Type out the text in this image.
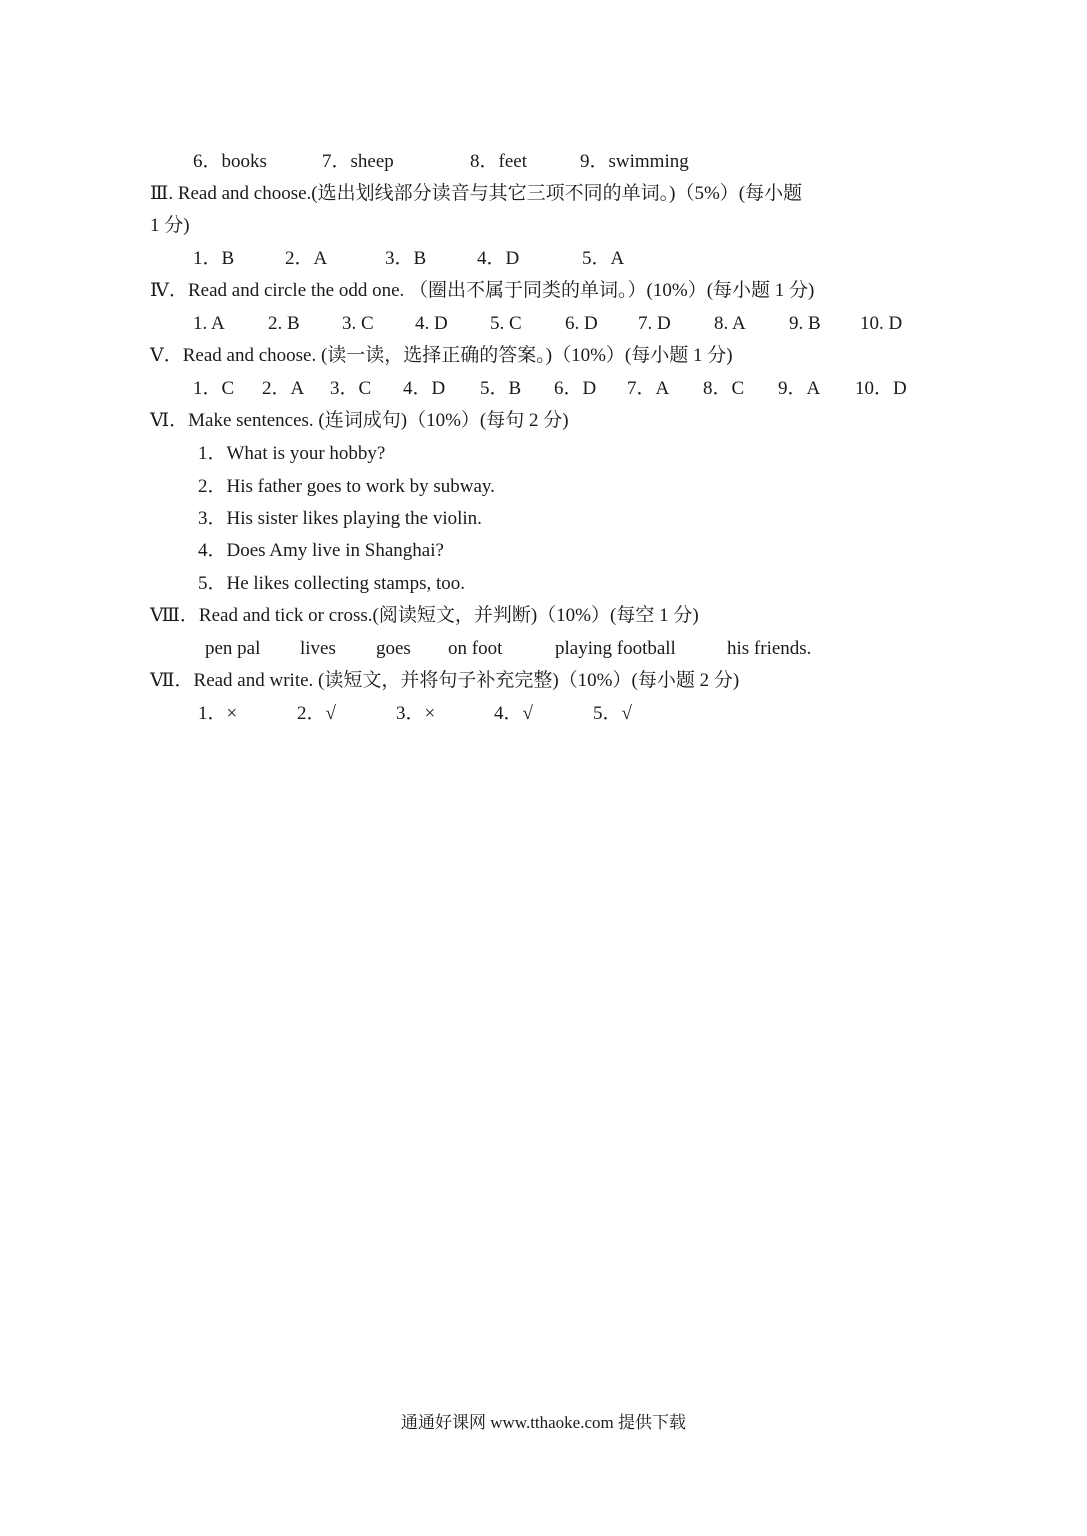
6．books	7．sheep	8．feet	9．swimming
Ⅲ. Read and choose.(选出划线部分读音与其它三项不同的单词。)（5%）(每小题
1 分)
1．B	2．A	3．B	4．D	5．A
Ⅳ．Read and circle the odd one. （圈出不属于同类的单词。）(10%）(每小题 1 分)
1. A 2. B 3. C 4. D 5. C 6. D 7. D 8. A 9. B 10. D
Ⅴ．Read and choose. (读一读，选择正确的答案。)（10%）(每小题 1 分)
1．C 2．A 3．C 4．D 5．B 6．D 7．A 8．C 9．A 10．D
Ⅵ．Make sentences. (连词成句)（10%）(每句 2 分)
1．What is your hobby?
2．His father goes to work by subway.
3．His sister likes playing the violin.
4．Does Amy live in Shanghai?
5．He likes collecting stamps, too.
Ⅷ．Read and tick or cross.(阅读短文，并判断)（10%）(每空 1 分)
pen pal lives goes on foot	playing football	his friends.
Ⅶ．Read and write. (读短文，并将句子补充完整)（10%）(每小题 2 分)
1．×	2．√	3．×	4．√	5．√
通通好课网 www.tthaoke.com 提供下载
